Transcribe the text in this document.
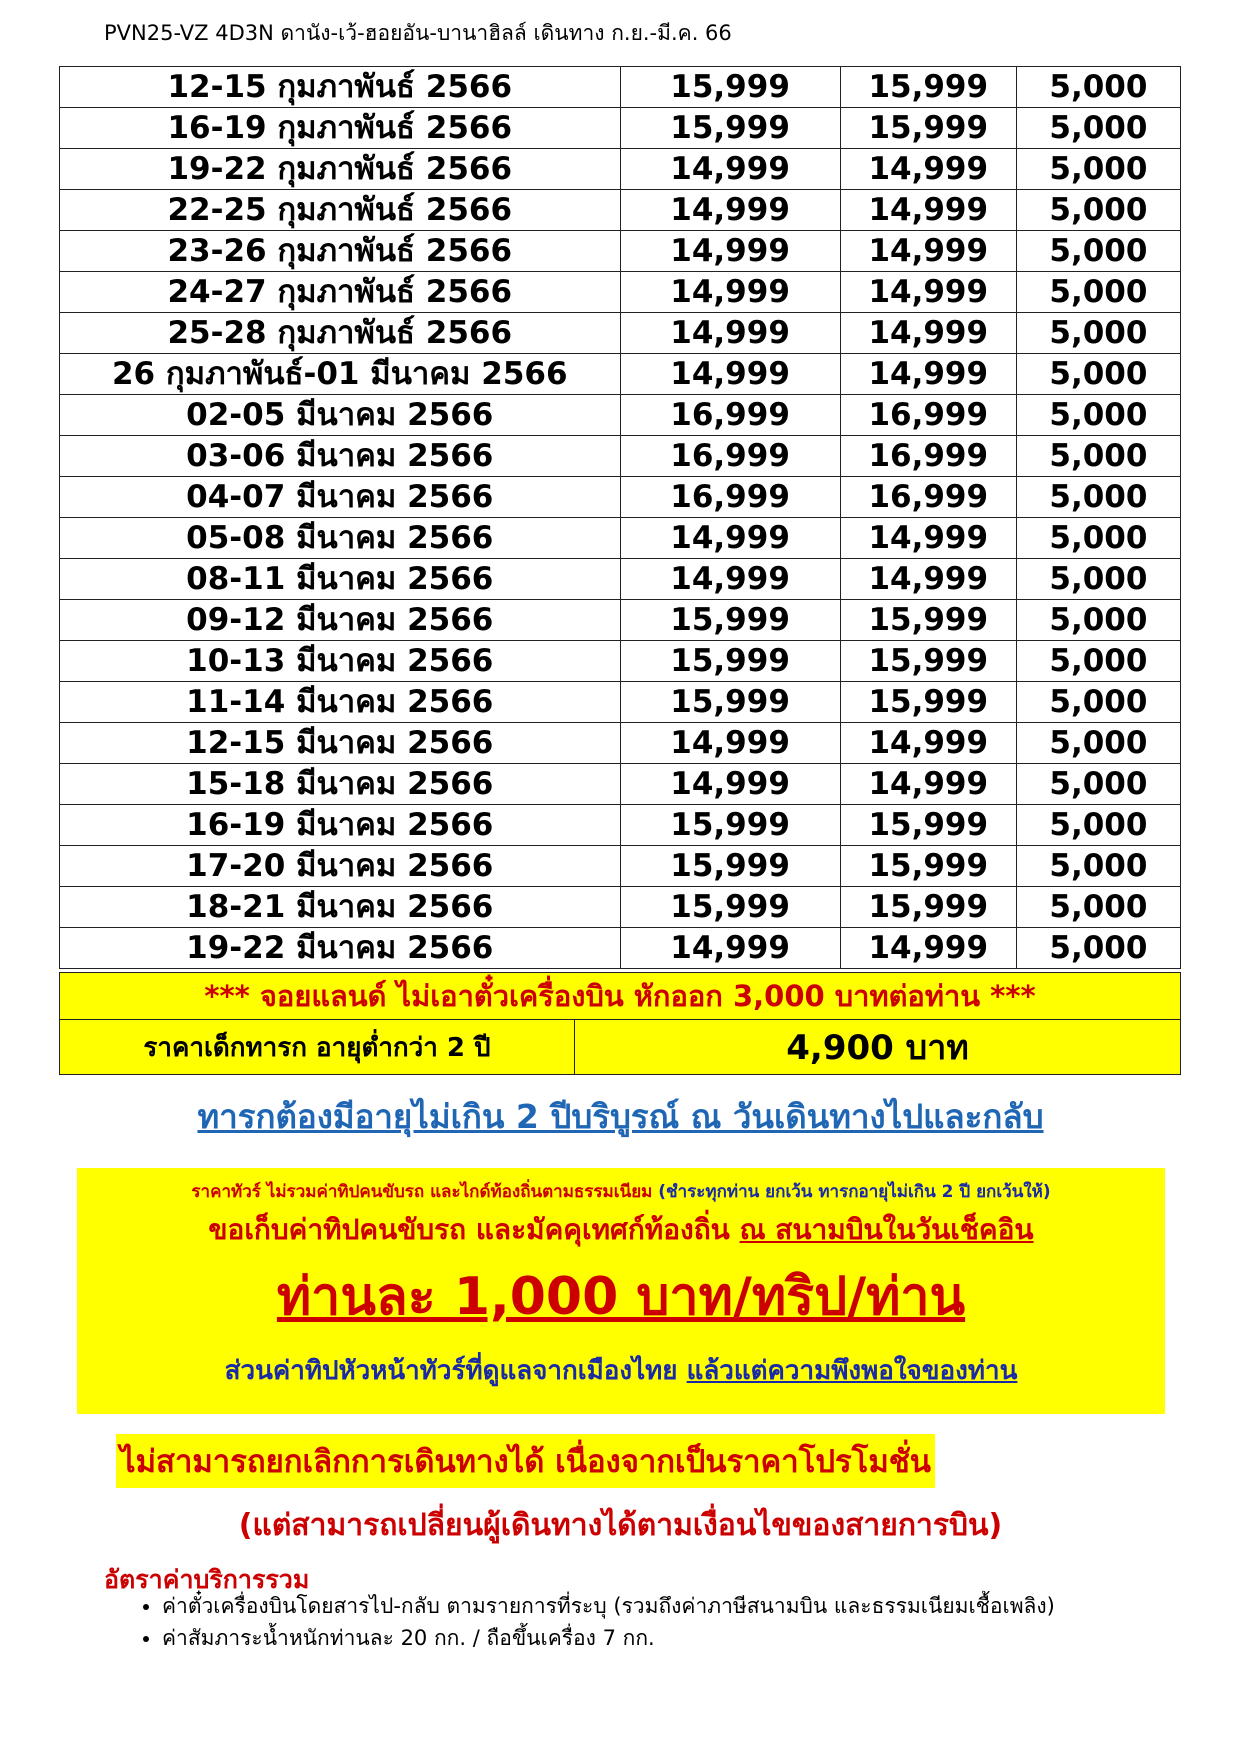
PVN25-VZ 4D3N ดานัง-เว้-ฮอยอัน-บานาฮิลล์ เดินทาง ก.ย.-มี.ค. 66
12-15 กุมภาพันธ์ 2566	15,999	15,999	5,000
16-19 กุมภาพันธ์ 2566	15,999	15,999	5,000
19-22 กุมภาพันธ์ 2566	14,999	14,999	5,000
22-25 กุมภาพันธ์ 2566	14,999	14,999	5,000
23-26 กุมภาพันธ์ 2566	14,999	14,999	5,000
24-27 กุมภาพันธ์ 2566	14,999	14,999	5,000
25-28 กุมภาพันธ์ 2566	14,999	14,999	5,000
26 กุมภาพันธ์-01 มีนาคม 2566	14,999	14,999	5,000
02-05 มีนาคม 2566	16,999	16,999	5,000
03-06 มีนาคม 2566	16,999	16,999	5,000
04-07 มีนาคม 2566	16,999	16,999	5,000
05-08 มีนาคม 2566	14,999	14,999	5,000
08-11 มีนาคม 2566	14,999	14,999	5,000
09-12 มีนาคม 2566	15,999	15,999	5,000
10-13 มีนาคม 2566	15,999	15,999	5,000
11-14 มีนาคม 2566	15,999	15,999	5,000
12-15 มีนาคม 2566	14,999	14,999	5,000
15-18 มีนาคม 2566	14,999	14,999	5,000
16-19 มีนาคม 2566	15,999	15,999	5,000
17-20 มีนาคม 2566	15,999	15,999	5,000
18-21 มีนาคม 2566	15,999	15,999	5,000
19-22 มีนาคม 2566	14,999	14,999	5,000
*** จอยแลนด์ ไม่เอาตั๋วเครื่องบิน หักออก 3,000 บาทต่อท่าน ***
ราคาเด็กทารก อายุต่ำกว่า 2 ปี	4,900 บาท
ทารกต้องมีอายุไม่เกิน 2 ปีบริบูรณ์ ณ วันเดินทางไปและกลับ
ราคาทัวร์ ไม่รวมค่าทิปคนขับรถ และไกด์ท้องถิ่นตามธรรมเนียม (ชำระทุกท่าน ยกเว้น ทารกอายุไม่เกิน 2 ปี ยกเว้นให้)
ขอเก็บค่าทิปคนขับรถ และมัคคุเทศก์ท้องถิ่น ณ สนามบินในวันเช็คอิน
ท่านละ 1,000 บาท/ทริป/ท่าน
ส่วนค่าทิปหัวหน้าทัวร์ที่ดูแลจากเมืองไทย แล้วแต่ความพึงพอใจของท่าน
ไม่สามารถยกเลิกการเดินทางได้ เนื่องจากเป็นราคาโปรโมชั่น
(แต่สามารถเปลี่ยนผู้เดินทางได้ตามเงื่อนไขของสายการบิน)
อัตราค่าบริการรวม
• ค่าตั๋วเครื่องบินโดยสารไป-กลับ ตามรายการที่ระบุ (รวมถึงค่าภาษีสนามบิน และธรรมเนียมเชื้อเพลิง)
• ค่าสัมภาระน้ำหนักท่านละ 20 กก. / ถือขึ้นเครื่อง 7 กก.
